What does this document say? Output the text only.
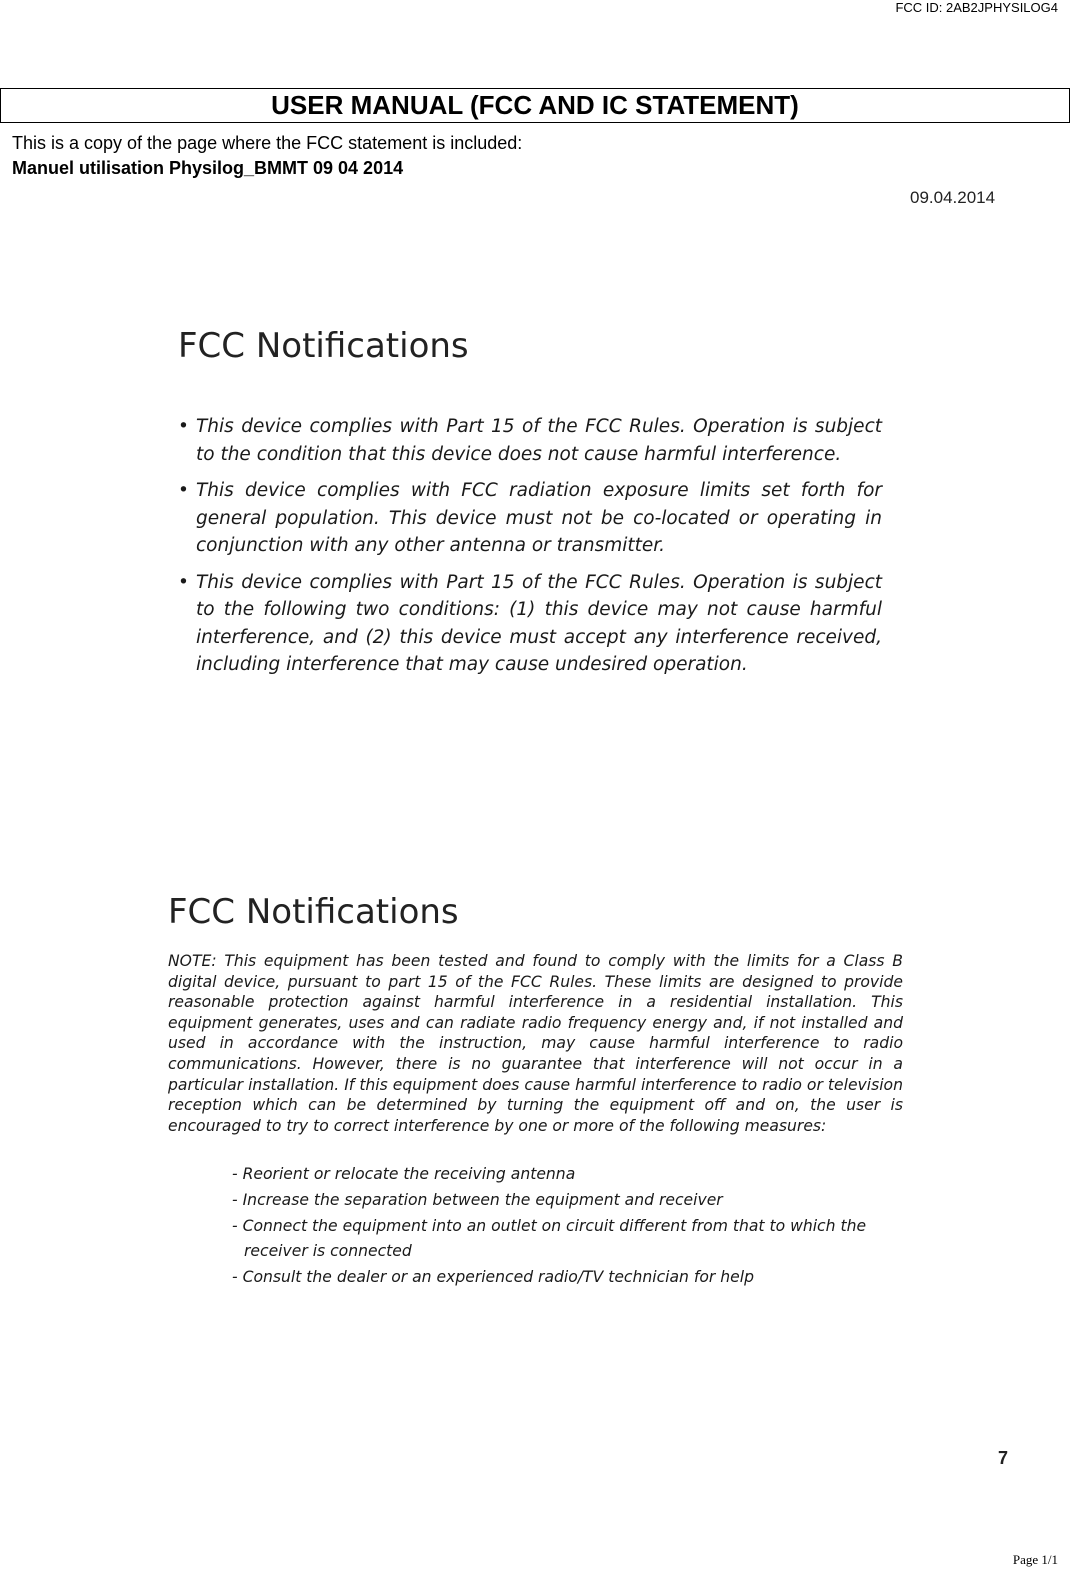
FCC ID: 2AB2JPHYSILOG4
USER MANUAL (FCC AND IC STATEMENT)
This is a copy of the page where the FCC statement is included:
Manuel utilisation Physilog_BMMT 09 04 2014
09.04.2014
FCC Notifications
• This device complies with Part 15 of the FCC Rules. Operation is subject to the condition that this device does not cause harmful interference.
• This device complies with FCC radiation exposure limits set forth for general population. This device must not be co-located or operating in conjunction with any other antenna or transmitter.
• This device complies with Part 15 of the FCC Rules. Operation is subject to the following two conditions: (1) this device may not cause harmful interference, and (2) this device must accept any interference received, including interference that may cause undesired operation.
FCC Notifications

NOTE: This equipment has been tested and found to comply with the limits for a Class B digital device, pursuant to part 15 of the FCC Rules. These limits are designed to provide reasonable protection against harmful interference in a residential installation. This equipment generates, uses and can radiate radio frequency energy and, if not installed and used in accordance with the instruction, may cause harmful interference to radio communications. However, there is no guarantee that interference will not occur in a particular installation. If this equipment does cause harmful interference to radio or television reception which can be determined by turning the equipment off and on, the user is encouraged to try to correct interference by one or more of the following measures:

- Reorient or relocate the receiving antenna
- Increase the separation between the equipment and receiver
- Connect the equipment into an outlet on circuit different from that to which the receiver is connected
- Consult the dealer or an experienced radio/TV technician for help
7
Page 1/1
